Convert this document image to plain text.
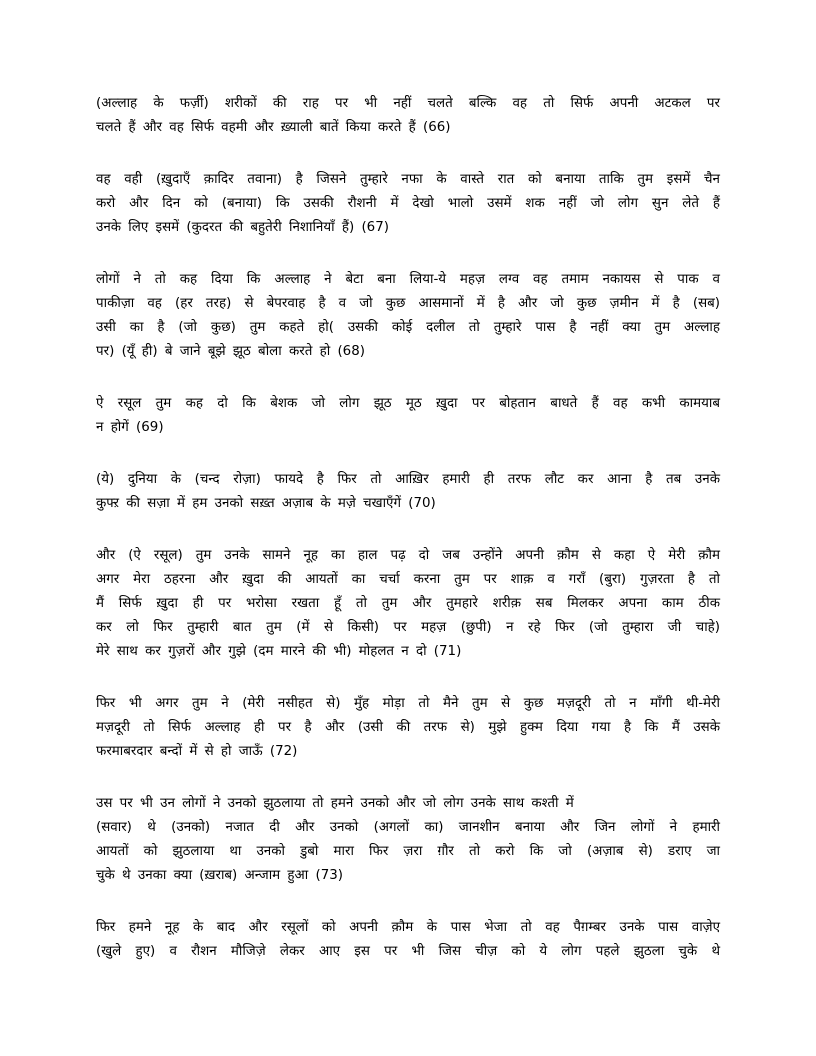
(अल्लाह के फर्ज़ी) शरीकों की राह पर भी नहीं चलते बल्कि वह तो सिर्फ अपनी अटकल पर
चलते हैं और वह सिर्फ वहमी और ख़्याली बातें किया करते हैं (66)
वह वही (ख़ुदाएँ क़ादिर तवाना) है जिसने तुम्हारे नफा के वास्ते रात को बनाया ताकि तुम इसमें चैन
करो और दिन को (बनाया) कि उसकी रौशनी में देखो भालो उसमें शक नहीं जो लोग सुन लेते हैं
उनके लिए इसमें (कुदरत की बहुतेरी निशानियाँ हैं) (67)
लोगों ने तो कह दिया कि अल्लाह ने बेटा बना लिया-ये महज़ लग्व वह तमाम नकायस से पाक व
पाकीज़ा वह (हर तरह) से बेपरवाह है व जो कुछ आसमानों में है और जो कुछ ज़मीन में है (सब)
उसी का है (जो कुछ) तुम कहते हो( उसकी कोई दलील तो तुम्हारे पास है नहीं क्या तुम अल्लाह
पर) (यूँ ही) बे जाने बूझे झूठ बोला करते हो (68)
ऐ रसूल तुम कह दो कि बेशक जो लोग झूठ मूठ ख़ुदा पर बोहतान बाधते हैं वह कभी कामयाब
न होगें (69)
(ये) दुनिया के (चन्द रोज़ा) फायदे है फिर तो आख़िर हमारी ही तरफ लौट कर आना है तब उनके
कुफ्ऱ की सज़ा में हम उनको सख़्त अज़ाब के मज़े चखाएँगें (70)
और (ऐ रसूल) तुम उनके सामने नूह का हाल पढ़ दो जब उन्होंने अपनी क़ौम से कहा ऐ मेरी क़ौम
अगर मेरा ठहरना और ख़ुदा की आयतों का चर्चा करना तुम पर शाक़ व गराँ (बुरा) गुज़रता है तो
मैं सिर्फ ख़ुदा ही पर भरोसा रखता हूँ तो तुम और तुमहारे शरीक़ सब मिलकर अपना काम ठीक
कर लो फिर तुम्हारी बात तुम (में से किसी) पर महज़ (छुपी) न रहे फिर (जो तुम्हारा जी चाहे)
मेरे साथ कर गुज़रों और गुझे (दम मारने की भी) मोहलत न दो (71)
फिर भी अगर तुम ने (मेरी नसीहत से) मुँह मोड़ा तो मैने तुम से कुछ मज़दूरी तो न माँगी थी-मेरी
मज़दूरी तो सिर्फ अल्लाह ही पर है और (उसी की तरफ से) मुझे हुक्म दिया गया है कि मैं उसके
फरमाबरदार बन्दों में से हो जाऊँ (72)
उस पर भी उन लोगों ने उनको झुठलाया तो हमने उनको और जो लोग उनके साथ कश्ती में
(सवार) थे (उनको) नजात दी और उनको (अगलों का) जानशीन बनाया और जिन लोगों ने हमारी
आयतों को झुठलाया था उनको डुबो मारा फिर ज़रा ग़ौर तो करो कि जो (अज़ाब से) डराए जा
चुके थे उनका क्या (ख़राब) अन्जाम हुआ (73)
फिर हमने नूह के बाद और रसूलों को अपनी क़ौम के पास भेजा तो वह पैग़म्बर उनके पास वाज़ेए
(खुले हुए) व रौशन मौजिज़े लेकर आए इस पर भी जिस चीज़ को ये लोग पहले झुठला चुके थे
